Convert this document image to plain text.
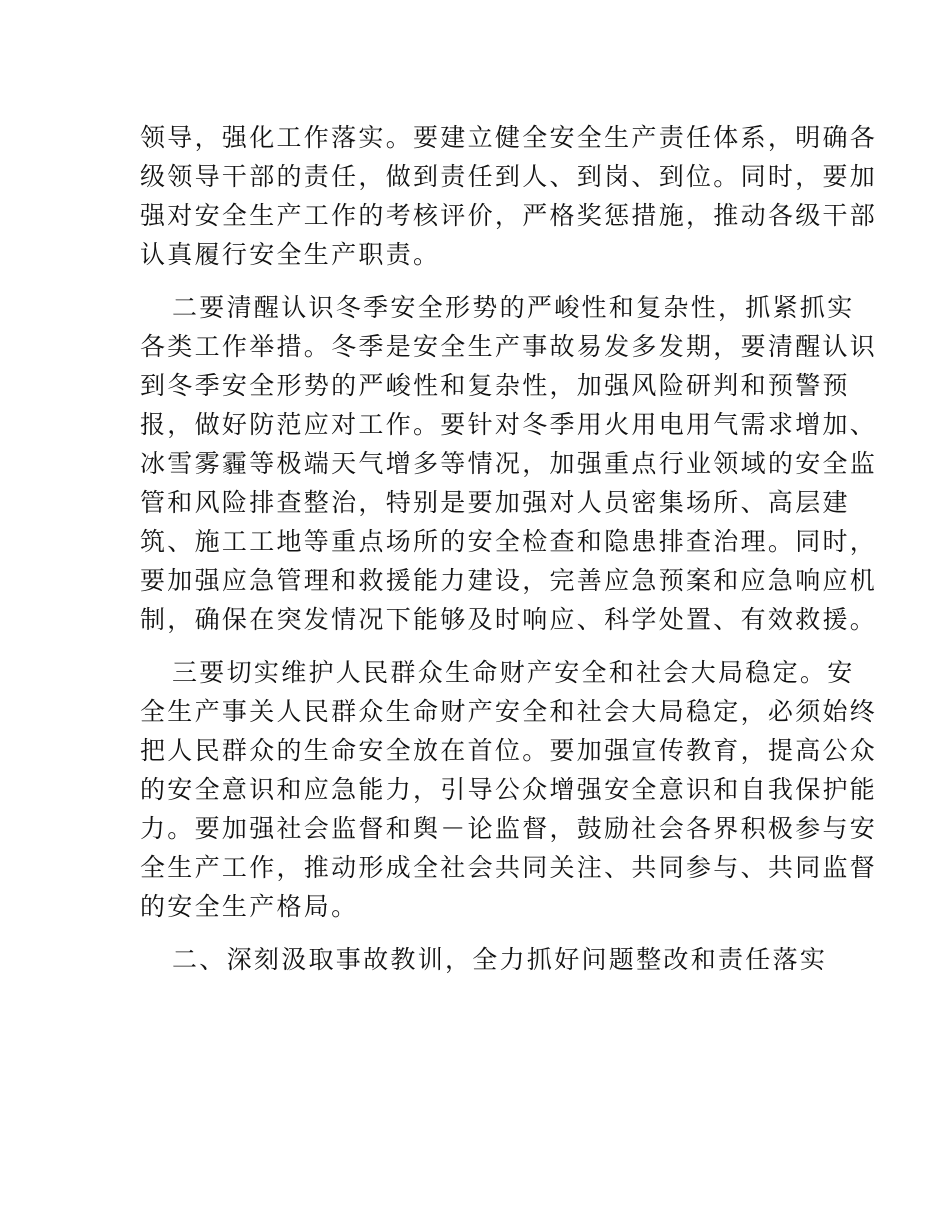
领导，强化工作落实。要建立健全安全生产责任体系，明确各
级领导干部的责任，做到责任到人、到岗、到位。同时，要加
强对安全生产工作的考核评价，严格奖惩措施，推动各级干部
认真履行安全生产职责。

二要清醒认识冬季安全形势的严峻性和复杂性，抓紧抓实
各类工作举措。冬季是安全生产事故易发多发期，要清醒认识
到冬季安全形势的严峻性和复杂性，加强风险研判和预警预
报，做好防范应对工作。要针对冬季用火用电用气需求增加、
冰雪雾霾等极端天气增多等情况，加强重点行业领域的安全监
管和风险排查整治，特别是要加强对人员密集场所、高层建
筑、施工工地等重点场所的安全检查和隐患排查治理。同时，
要加强应急管理和救援能力建设，完善应急预案和应急响应机
制，确保在突发情况下能够及时响应、科学处置、有效救援。

三要切实维护人民群众生命财产安全和社会大局稳定。安
全生产事关人民群众生命财产安全和社会大局稳定，必须始终
把人民群众的生命安全放在首位。要加强宣传教育，提高公众
的安全意识和应急能力，引导公众增强安全意识和自我保护能
力。要加强社会监督和舆－论监督，鼓励社会各界积极参与安
全生产工作，推动形成全社会共同关注、共同参与、共同监督
的安全生产格局。

二、深刻汲取事故教训，全力抓好问题整改和责任落实
